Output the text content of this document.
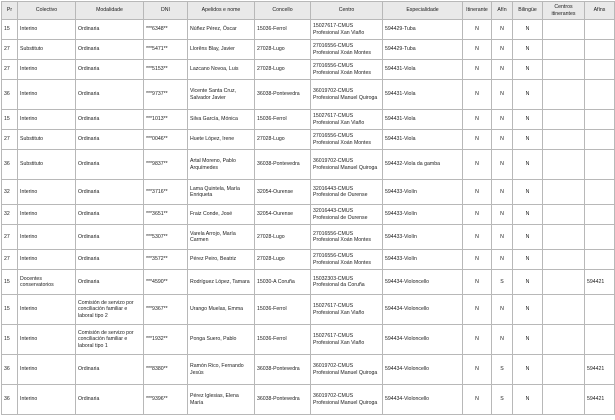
Pr	Colectivo	Modalidade	DNI	Apelidos e nome	Concello	Centro	Especialidade	Itinerante	Afín	Bilingüe	Centros itinerantes	Afíns
15	Interino	Ordinaria	***6348**	Núñez Pérez, Óscar	15036-Ferrol	15027617-CMUS Profesional Xan Viaño	594429-Tuba	N	N	N		
27	Substituto	Ordinaria	***5471**	Llorêns Blay, Javier	27028-Lugo	27016556-CMUS Profesional Xoán Montes	594429-Tuba	N	N	N		
27	Interino	Ordinaria	***5153**	Lazcano Novoa, Luis	27028-Lugo	27016556-CMUS Profesional Xoán Montes	594431-Viola	N	N	N		
36	Interino	Ordinaria	***9737**	Vicente Santa Cruz, Salvador Javier	36038-Pontevedra	36019702-CMUS Profesional Manuel Quiroga	594431-Viola	N	N	N		
15	Interino	Ordinaria	***1013**	Silva García, Mónica	15036-Ferrol	15027617-CMUS Profesional Xan Viaño	594431-Viola	N	N	N		
27	Substituto	Ordinaria	***0046**	Huete López, Irene	27028-Lugo	27016556-CMUS Profesional Xoán Montes	594431-Viola	N	N	N		
36	Substituto	Ordinaria	***9837**	Artal Moreno, Pablo Arquímedes	36038-Pontevedra	36019702-CMUS Profesional Manuel Quiroga	594432-Viola da gamba	N	N	N		
32	Interino	Ordinaria	***3716**	Lama Quintela, María Enriqueta	32054-Ourense	32016443-CMUS Profesional de Ourense	594433-Violín	N	N	N		
32	Interino	Ordinaria	***3651**	Fraiz Conde, José	32054-Ourense	32016443-CMUS Profesional de Ourense	594433-Violín	N	N	N		
27	Interino	Ordinaria	***5307**	Varela Arrojo, María Carmen	27028-Lugo	27016556-CMUS Profesional Xoán Montes	594433-Violín	N	N	N		
27	Interino	Ordinaria	***3572**	Pérez Peiro, Beatriz	27028-Lugo	27016556-CMUS Profesional Xoán Montes	594433-Violín	N	N	N		
15	Docentes conservatorios	Ordinaria	***4590**	Rodríguez López, Tamara	15030-A Coruña	15032303-CMUS Profesional da Coruña	594434-Violoncello	N	S	N		594421
15	Interino	Comisión de servizo por conciliación familiar e laboral tipo 2	***9367**	Urango Muelas, Emma	15036-Ferrol	15027617-CMUS Profesional Xan Viaño	594434-Violoncello	N	N	N		
15	Interino	Comisión de servizo por conciliación familiar e laboral tipo 1	***1932**	Ponga Suero, Pablo	15036-Ferrol	15027617-CMUS Profesional Xan Viaño	594434-Violoncello	N	N	N		
36	Interino	Ordinaria	***8380**	Ramón Rico, Fernando Jesús	36038-Pontevedra	36019702-CMUS Profesional Manuel Quiroga	594434-Violoncello	N	S	N		594421
36	Interino	Ordinaria	***9396**	Pérez Iglesias, Elena María	36038-Pontevedra	36019702-CMUS Profesional Manuel Quiroga	594434-Violoncello	N	S	N		594421
